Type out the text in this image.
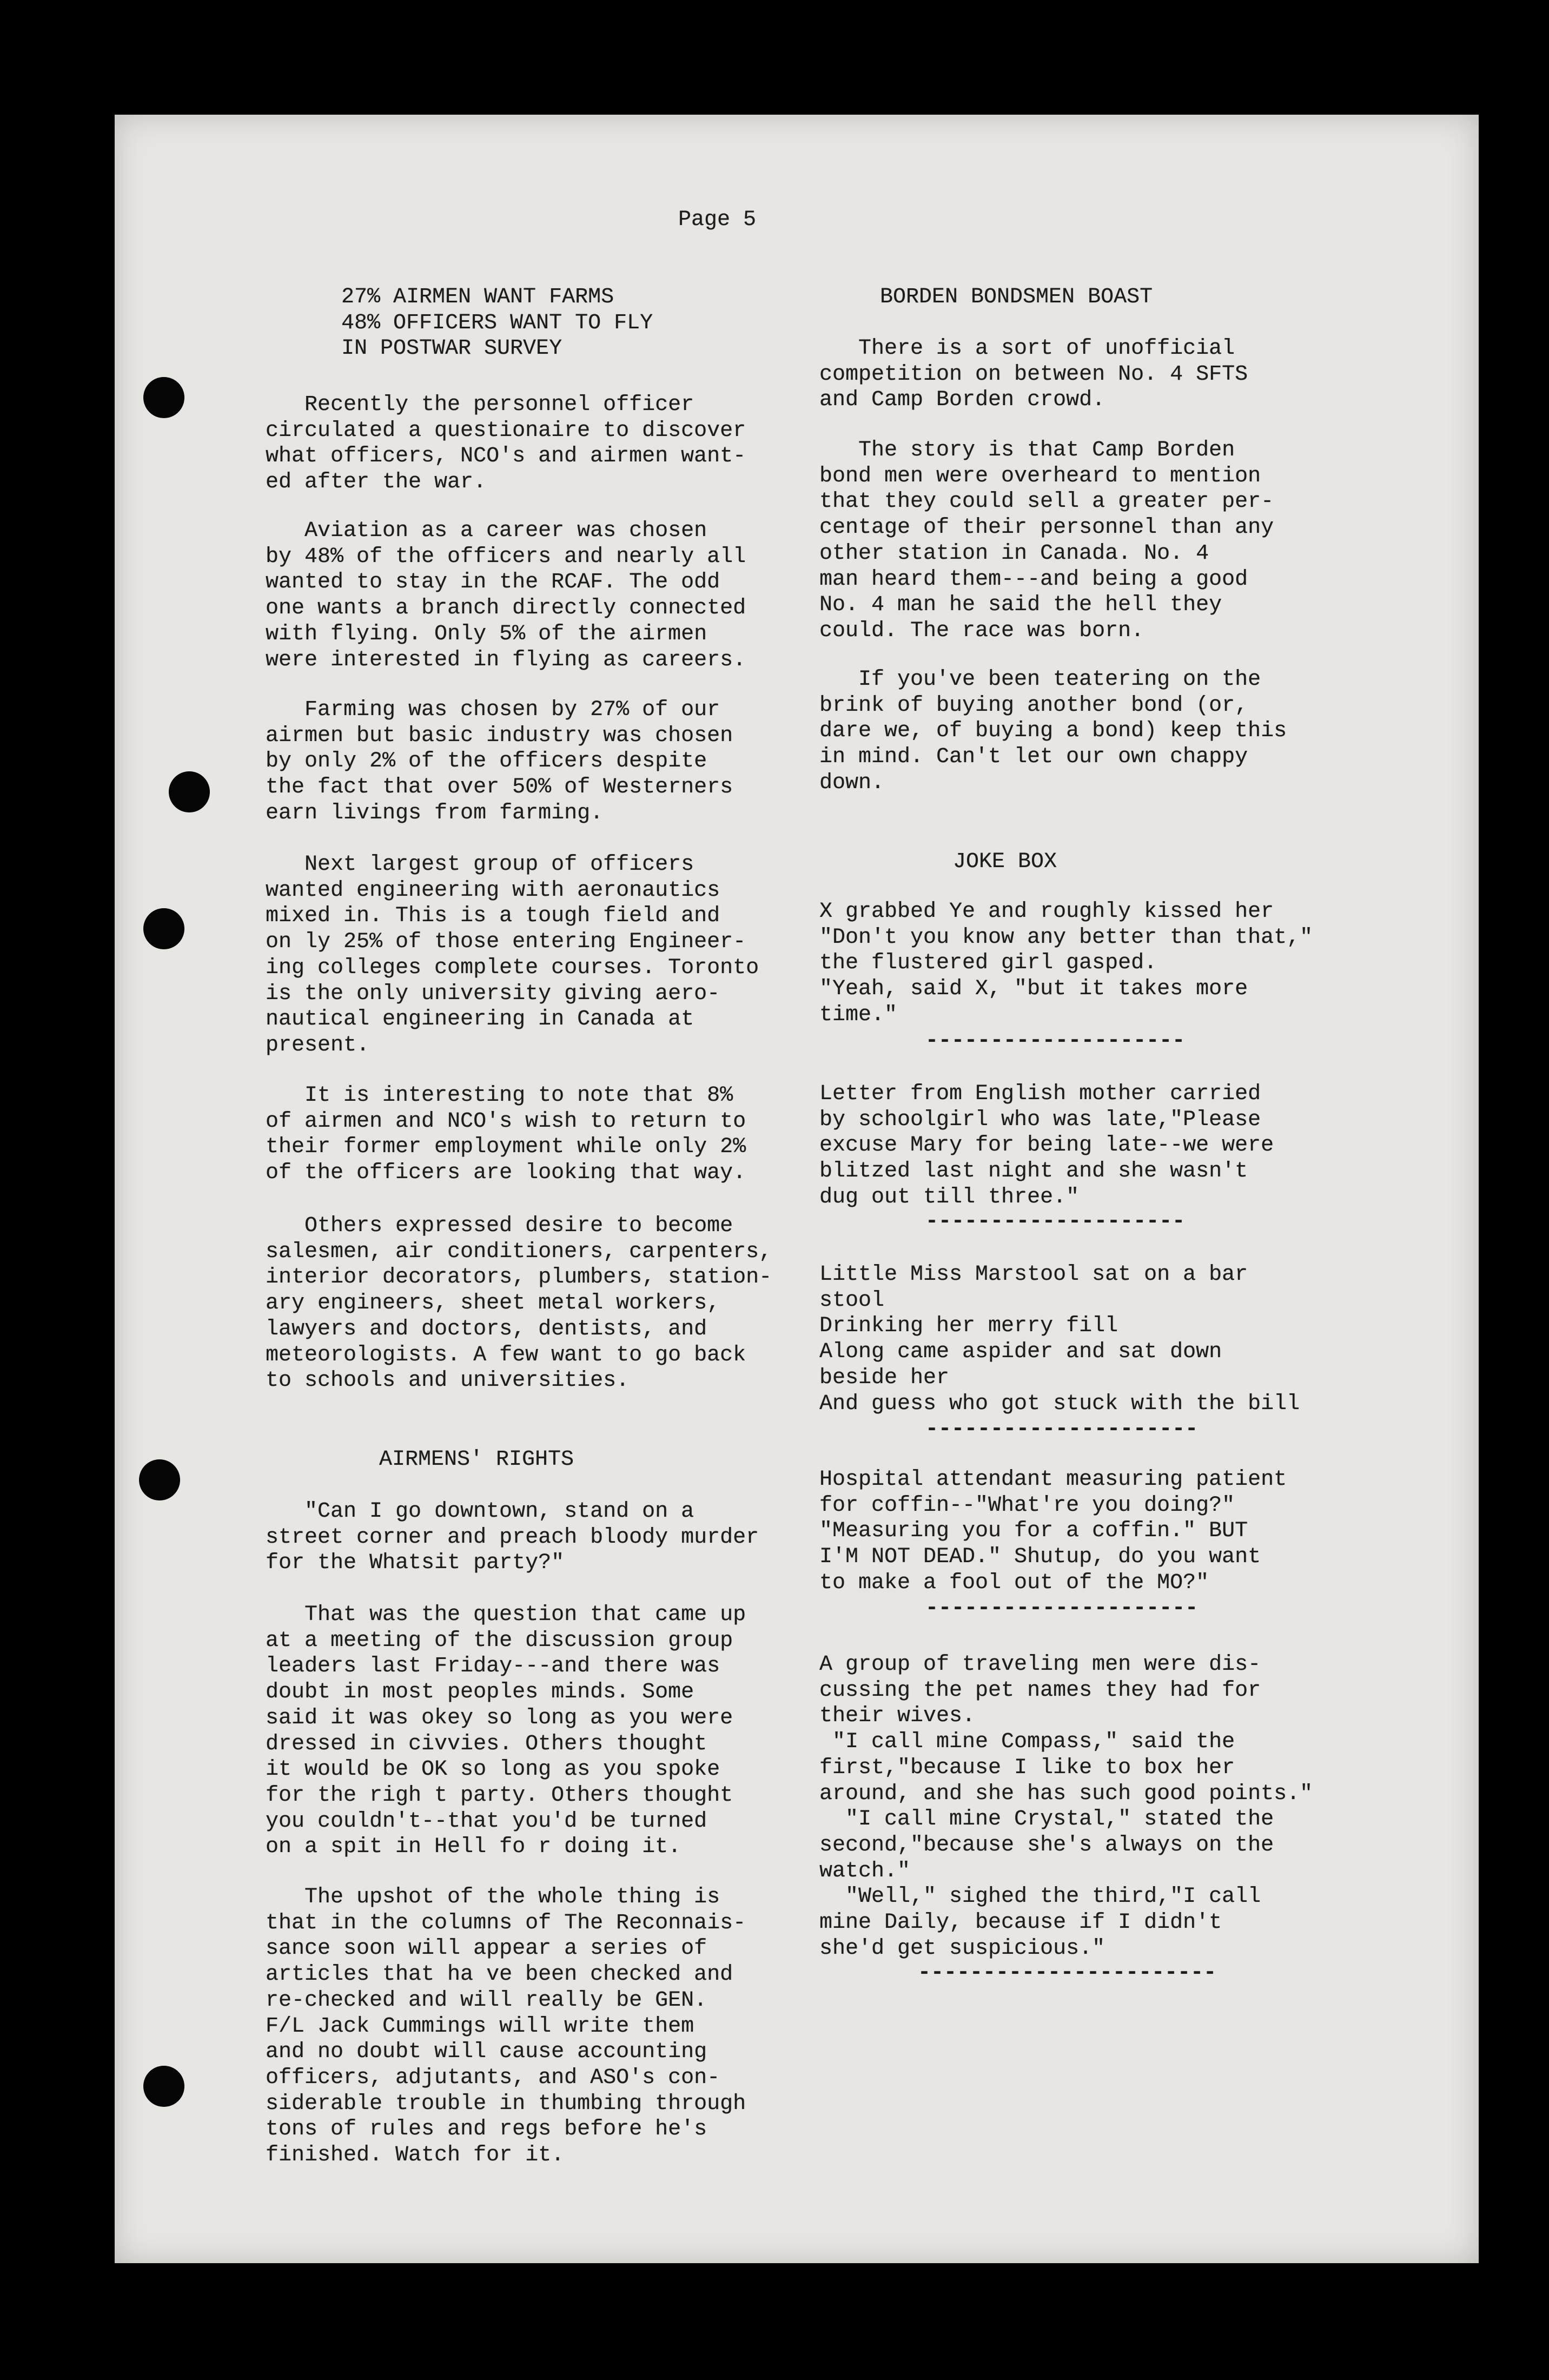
Page 5
27% AIRMEN WANT FARMS
48% OFFICERS WANT TO FLY
IN POSTWAR SURVEY
Recently the personnel officer
circulated a questionaire to discover
what officers, NCO's and airmen want-
ed after the war.
Aviation as a career was chosen
by 48% of the officers and nearly all
wanted to stay in the RCAF. The odd
one wants a branch directly connected
with flying. Only 5% of the airmen
were interested in flying as careers.
Farming was chosen by 27% of our
airmen but basic industry was chosen
by only 2% of the officers despite
the fact that over 50% of Westerners
earn livings from farming.
Next largest group of officers
wanted engineering with aeronautics
mixed in. This is a tough field and
on ly 25% of those entering Engineer-
ing colleges complete courses. Toronto
is the only university giving aero-
nautical engineering in Canada at
present.
It is interesting to note that 8%
of airmen and NCO's wish to return to
their former employment while only 2%
of the officers are looking that way.
Others expressed desire to become
salesmen, air conditioners, carpenters,
interior decorators, plumbers, station-
ary engineers, sheet metal workers,
lawyers and doctors, dentists, and
meteorologists. A few want to go back
to schools and universities.
AIRMENS' RIGHTS
"Can I go downtown, stand on a
street corner and preach bloody murder
for the Whatsit party?"
That was the question that came up
at a meeting of the discussion group
leaders last Friday---and there was
doubt in most peoples minds. Some
said it was okey so long as you were
dressed in civvies. Others thought
it would be OK so long as you spoke
for the righ t party. Others thought
you couldn't--that you'd be turned
on a spit in Hell fo r doing it.
The upshot of the whole thing is
that in the columns of The Reconnais-
sance soon will appear a series of
articles that ha ve been checked and
re-checked and will really be GEN.
F/L Jack Cummings will write them
and no doubt will cause accounting
officers, adjutants, and ASO's con-
siderable trouble in thumbing through
tons of rules and regs before he's
finished. Watch for it.
BORDEN BONDSMEN BOAST
There is a sort of unofficial
competition on between No. 4 SFTS
and Camp Borden crowd.
The story is that Camp Borden
bond men were overheard to mention
that they could sell a greater per-
centage of their personnel than any
other station in Canada. No. 4
man heard them---and being a good
No. 4 man he said the hell they
could. The race was born.
If you've been teatering on the
brink of buying another bond (or,
dare we, of buying a bond) keep this
in mind. Can't let our own chappy
down.
JOKE BOX
X grabbed Ye and roughly kissed her
"Don't you know any better than that,"
the flustered girl gasped.
"Yeah, said X, "but it takes more
time."
--------------------
Letter from English mother carried
by schoolgirl who was late,"Please
excuse Mary for being late--we were
blitzed last night and she wasn't
dug out till three."
--------------------
Little Miss Marstool sat on a bar
stool
Drinking her merry fill
Along came aspider and sat down
beside her
And guess who got stuck with the bill
---------------------
Hospital attendant measuring patient
for coffin--"What're you doing?"
"Measuring you for a coffin." BUT
I'M NOT DEAD." Shutup, do you want
to make a fool out of the MO?"
---------------------
A group of traveling men were dis-
cussing the pet names they had for
their wives.
"I call mine Compass," said the
first,"because I like to box her
around, and she has such good points."
"I call mine Crystal," stated the
second,"because she's always on the
watch."
"Well," sighed the third,"I call
mine Daily, because if I didn't
she'd get suspicious."
-----------------------
